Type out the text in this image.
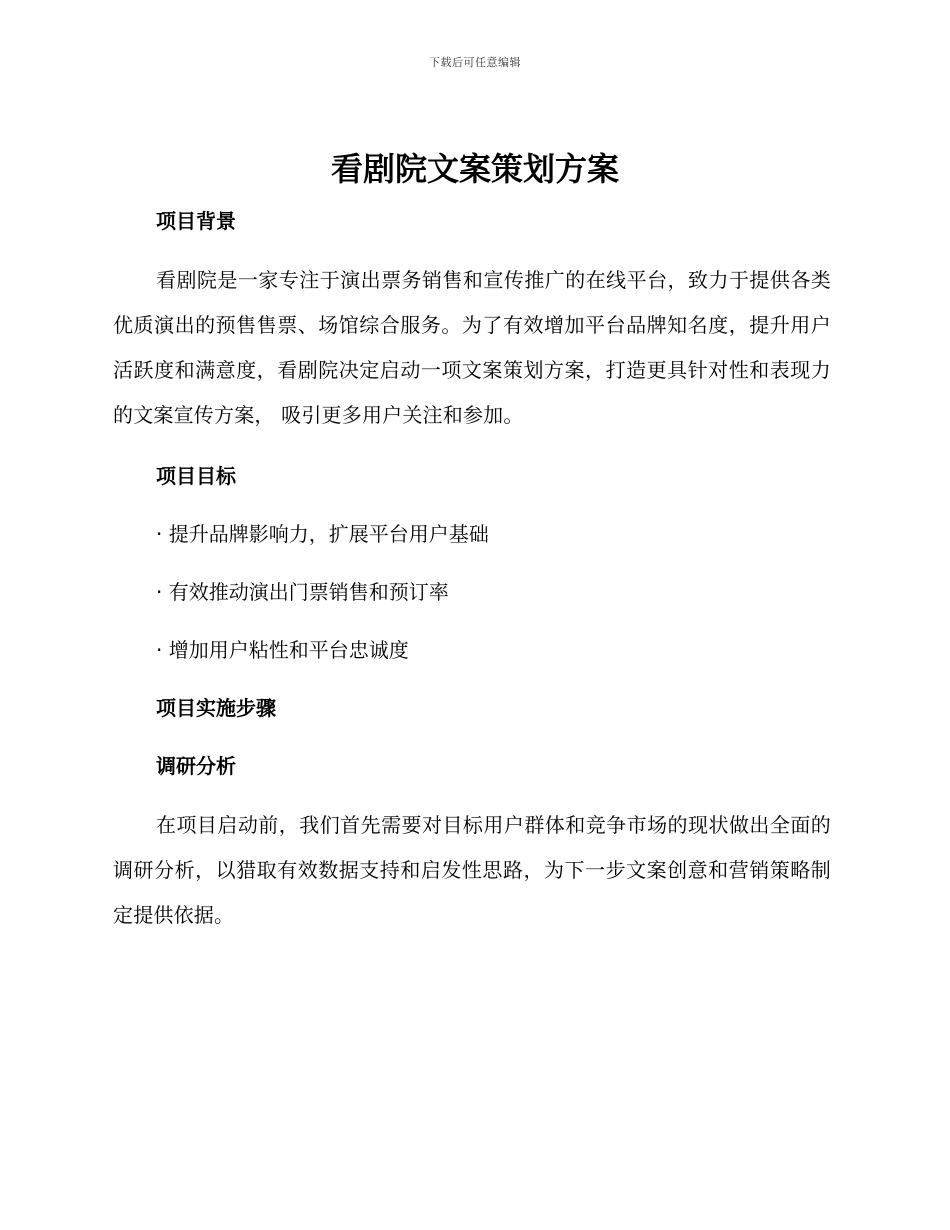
下载后可任意编辑
看剧院文案策划方案
项目背景

看剧院是一家专注于演出票务销售和宣传推广的在线平台，致力于提供各类优质演出的预售售票、场馆综合服务。为了有效增加平台品牌知名度，提升用户活跃度和满意度，看剧院决定启动一项文案策划方案，打造更具针对性和表现力的文案宣传方案， 吸引更多用户关注和参加。

项目目标

· 提升品牌影响力，扩展平台用户基础

· 有效推动演出门票销售和预订率

· 增加用户粘性和平台忠诚度

项目实施步骤
调研分析

在项目启动前，我们首先需要对目标用户群体和竞争市场的现状做出全面的调研分析，以猎取有效数据支持和启发性思路，为下一步文案创意和营销策略制定提供依据。
